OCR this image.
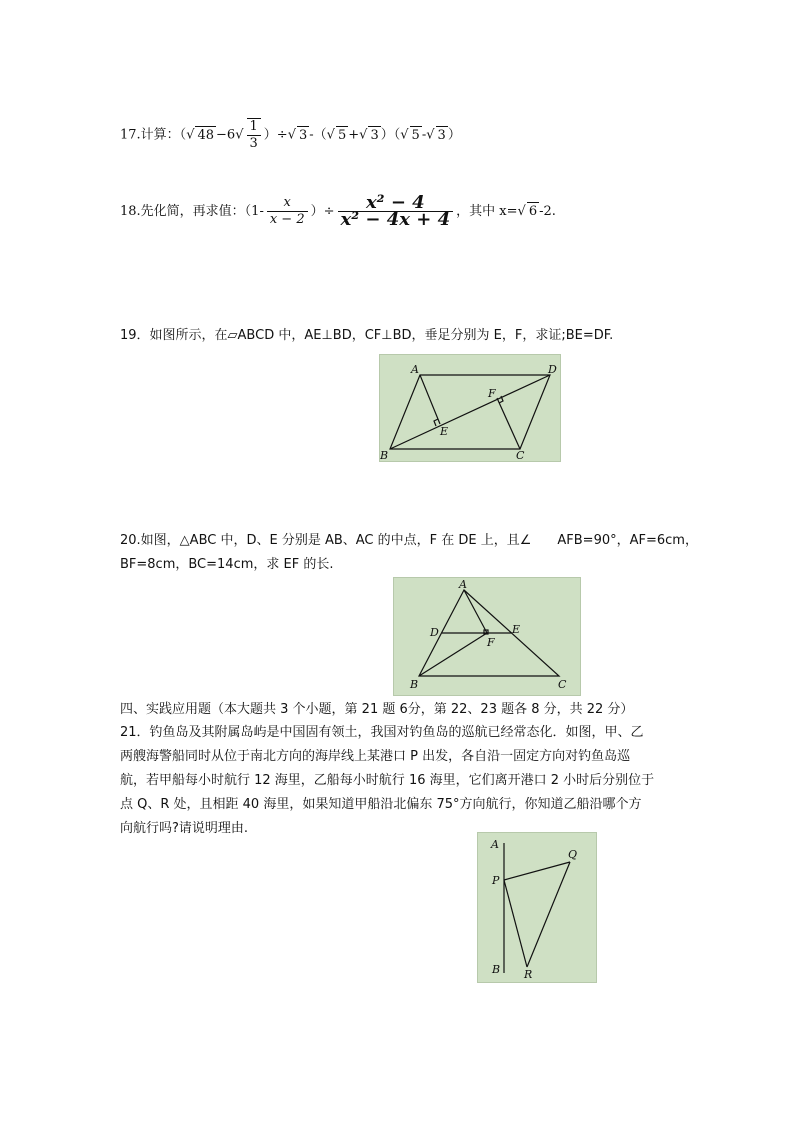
17.计算：（√ $48 -6√ \frac{1}{3}$ ）÷√ 3 -（√ 5 +√ 3 ）（√ 5 -√ 3 ）
18.先化简，再求值：（$1- \frac{x}{x - 2}$ ）÷ $\frac{\text{x² − 4}}{\text{x² − 4x + 4}}$ ，其中 x=√ 6 -2.
19．如图所示，在▱ABCD 中，AE⊥BD，CF⊥BD，垂足分别为 E，F，求证;BE=DF.
A	D
B	C
E
F
20.如图，△ABC 中，D、E 分别是 AB、AC 的中点，F 在 DE 上，且∠　　AFB=90°，AF=6cm，
BF=8cm，BC=14cm，求 EF 的长.
A
D	E
F
B	C
四、实践应用题（本大题共 3 个小题，第 21 题 6分，第 22、23 题各 8 分，共 22 分）
21．钓鱼岛及其附属岛屿是中国固有领土，我国对钓鱼岛的巡航已经常态化．如图，甲、乙
两艘海警船同时从位于南北方向的海岸线上某港口 P 出发，各自沿一固定方向对钓鱼岛巡
航，若甲船每小时航行 12 海里，乙船每小时航行 16 海里，它们离开港口 2 小时后分别位于
点 Q、R 处，且相距 40 海里，如果知道甲船沿北偏东 75°方向航行，你知道乙船沿哪个方
向航行吗?请说明理由.
A
Q
P
B R
